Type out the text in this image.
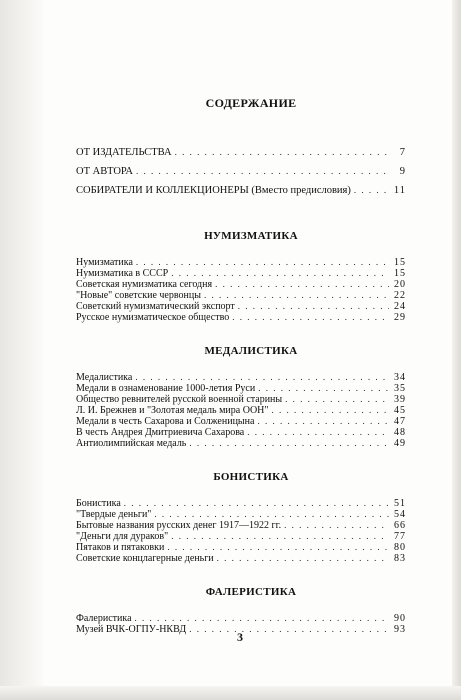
СОДЕРЖАНИЕ
ОТ ИЗДАТЕЛЬСТВА . . .	7
ОТ АВТОРА . . .	9
СОБИРАТЕЛИ И КОЛЛЕКЦИОНЕРЫ (Вместо предисловия) . . .	11
НУМИЗМАТИКА
Нумизматика . . .	15
Нумизматика в СССР . . .	15
Советская нумизматика сегодня . . .	20
"Новые" советские червонцы . . .	22
Советский нумизматический экспорт . . .	24
Русское нумизматическое общество . . .	29
МЕДАЛИСТИКА
Медалистика . . .	34
Медали в ознаменование 1000-летия Руси . . .	35
Общество ревнителей русской военной старины . . .	39
Л. И. Брежнев и "Золотая медаль мира ООН" . . .	45
Медали в честь Сахарова и Солженицына . . .	47
В честь Андрея Дмитриевича Сахарова . . .	48
Антиолимпийская медаль . . .	49
БОНИСТИКА
Бонистика . . .	51
"Твердые деньги" . . .	54
Бытовые названия русских денег 1917—1922 гг. . . .	66
"Деньги для дураков" . . .	77
Пятаков и пятаковки . . .	80
Советские концлагерные деньги . . .	83
ФАЛЕРИСТИКА
Фалеристика . . .	90
Музей ВЧК-ОГПУ-НКВД . . .	93
3
